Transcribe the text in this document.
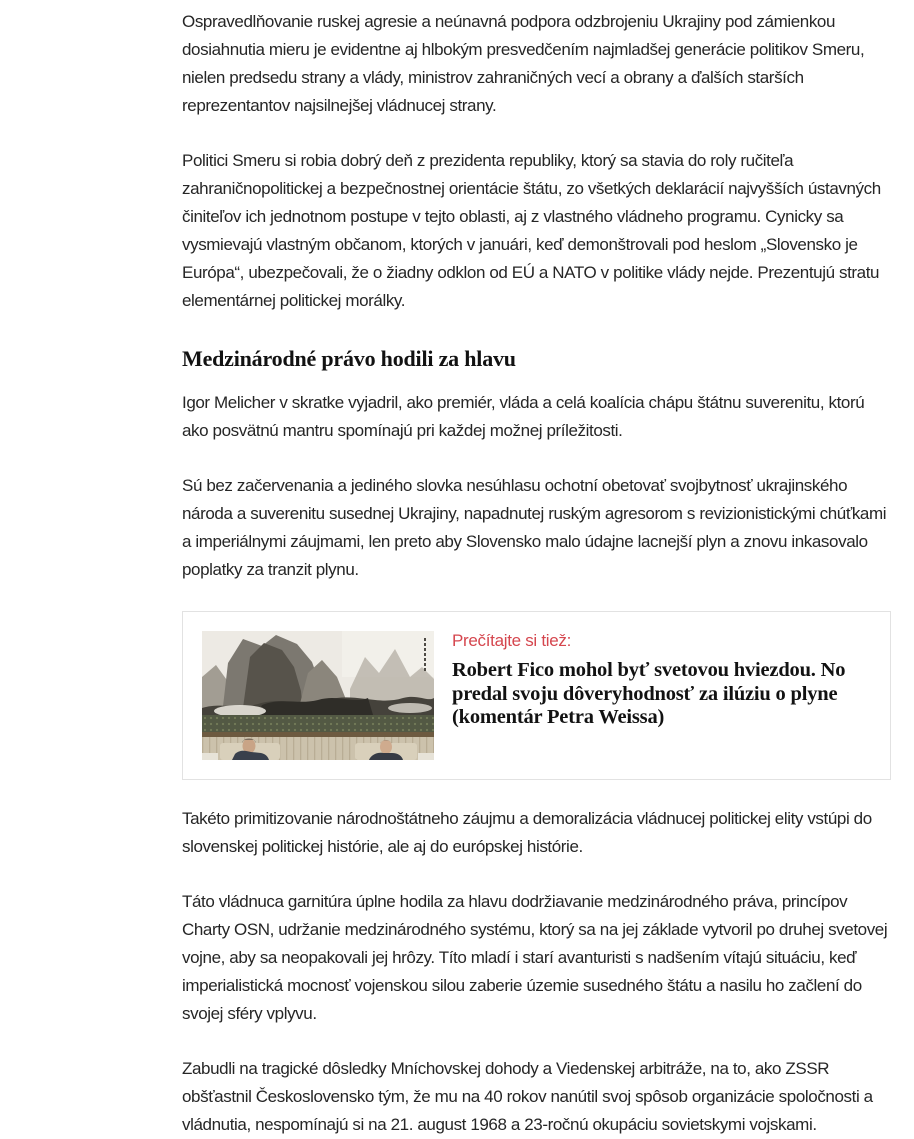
Ospravedlňovanie ruskej agresie a neúnavná podpora odzbrojeniu Ukrajiny pod zámienkou dosiahnutia mieru je evidentne aj hlbokým presvedčením najmladšej generácie politikov Smeru, nielen predsedu strany a vlády, ministrov zahraničných vecí a obrany a ďalších starších reprezentantov najsilnejšej vládnucej strany.

Politici Smeru si robia dobrý deň z prezidenta republiky, ktorý sa stavia do roly ručiteľa zahraničnopolitickej a bezpečnostnej orientácie štátu, zo všetkých deklarácií najvyšších ústavných činiteľov ich jednotnom postupe v tejto oblasti, aj z vlastného vládneho programu. Cynicky sa vysmievajú vlastným občanom, ktorých v januári, keď demonštrovali pod heslom „Slovensko je Európa“, ubezpečovali, že o žiadny odklon od EÚ a NATO v politike vlády nejde. Prezentujú stratu elementárnej politickej morálky.

Medzinárodné právo hodili za hlavu

Igor Melicher v skratke vyjadril, ako premiér, vláda a celá koalícia chápu štátnu suverenitu, ktorú ako posvätnú mantru spomínajú pri každej možnej príležitosti.

Sú bez začervenania a jediného slovka nesúhlasu ochotní obetovať svojbytnosť ukrajinského národa a suverenitu susednej Ukrajiny, napadnutej ruským agresorom s revizionistickými chúťkami a imperiálnymi záujmami, len preto aby Slovensko malo údajne lacnejší plyn a znovu inkasovalo poplatky za tranzit plynu.

Prečítajte si tiež:

Robert Fico mohol byť svetovou hviezdou. No predal svoju dôveryhodnosť za ilúziu o plyne (komentár Petra Weissa)

Takéto primitizovanie národnoštátneho záujmu a demoralizácia vládnucej politickej elity vstúpi do slovenskej politickej histórie, ale aj do európskej histórie.

Táto vládnuca garnitúra úplne hodila za hlavu dodržiavanie medzinárodného práva, princípov Charty OSN, udržanie medzinárodného systému, ktorý sa na jej základe vytvoril po druhej svetovej vojne, aby sa neopakovali jej hrôzy. Títo mladí i starí avanturisti s nadšením vítajú situáciu, keď imperialistická mocnosť vojenskou silou zaberie územie susedného štátu a nasilu ho začlení do svojej sféry vplyvu.

Zabudli na tragické dôsledky Mníchovskej dohody a Viedenskej arbitráže, na to, ako ZSSR obšťastnil Československo tým, že mu na 40 rokov nanútil svoj spôsob organizácie spoločnosti a vládnutia, nespomínajú si na 21. august 1968 a 23-ročnú okupáciu sovietskymi vojskami.
